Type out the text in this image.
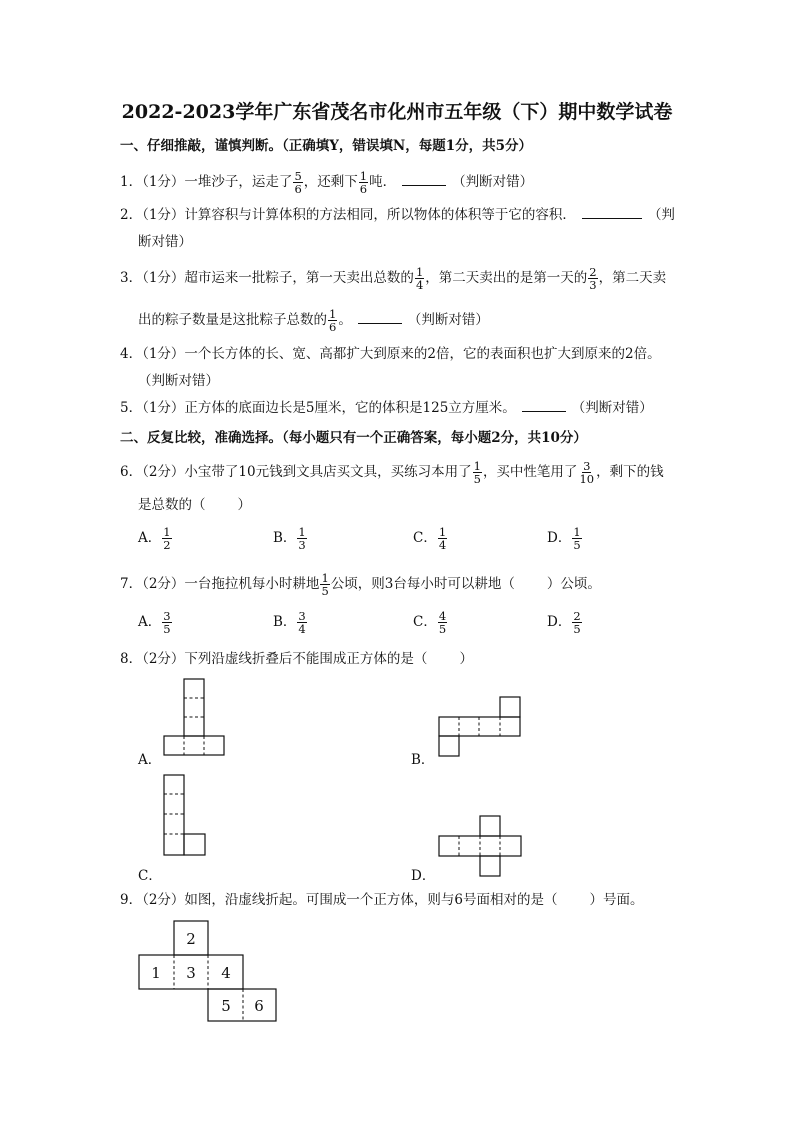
2022-2023学年广东省茂名市化州市五年级（下）期中数学试卷
一、仔细推敲，谨慎判断。（正确填Y，错误填N，每题1分，共5分）
1．（1分）一堆沙子，运走了 $\frac{5}{6}$ ，还剩下 $\frac{1}{6}$ 吨．	（判断对错）
2．（1分）计算容积与计算体积的方法相同，所以物体的体积等于它的容积．	（判
断对错）
3．（1分）超市运来一批粽子，第一天卖出总数的 $\frac{1}{4}$ ，第二天卖出的是第一天的 $\frac{2}{3}$ ，第二天卖
出的粽子数量是这批粽子总数的 $\frac{1}{6}$ 。	（判断对错）
4．（1分）一个长方体的长、宽、高都扩大到原来的2倍，它的表面积也扩大到原来的2倍。
（判断对错）
5．（1分）正方体的底面边长是5厘米，它的体积是125立方厘米。	（判断对错）
二、反复比较，准确选择。（每小题只有一个正确答案，每小题2分，共10分）
6．（2分）小宝带了10元钱到文具店买文具，买练习本用了 $\frac{1}{5}$ ，买中性笔用了 $\frac{3}{10}$ ，剩下的钱
是总数的（ ）
A． $\frac{1}{2}$	B． $\frac{1}{3}$	C． $\frac{1}{4}$	D． $\frac{1}{5}$
7．（2分）一台拖拉机每小时耕地 $\frac{1}{5}$ 公顷，则3台每小时可以耕地（ ）公顷。
A． $\frac{3}{5}$	B． $\frac{3}{4}$	C． $\frac{4}{5}$	D． $\frac{2}{5}$
8．（2分）下列沿虚线折叠后不能围成正方体的是（ ）
A．	B．
C．	D．
9．（2分）如图，沿虚线折起。可围成一个正方体，则与6号面相对的是（ ）号面。
2
1 3 4
5 6
